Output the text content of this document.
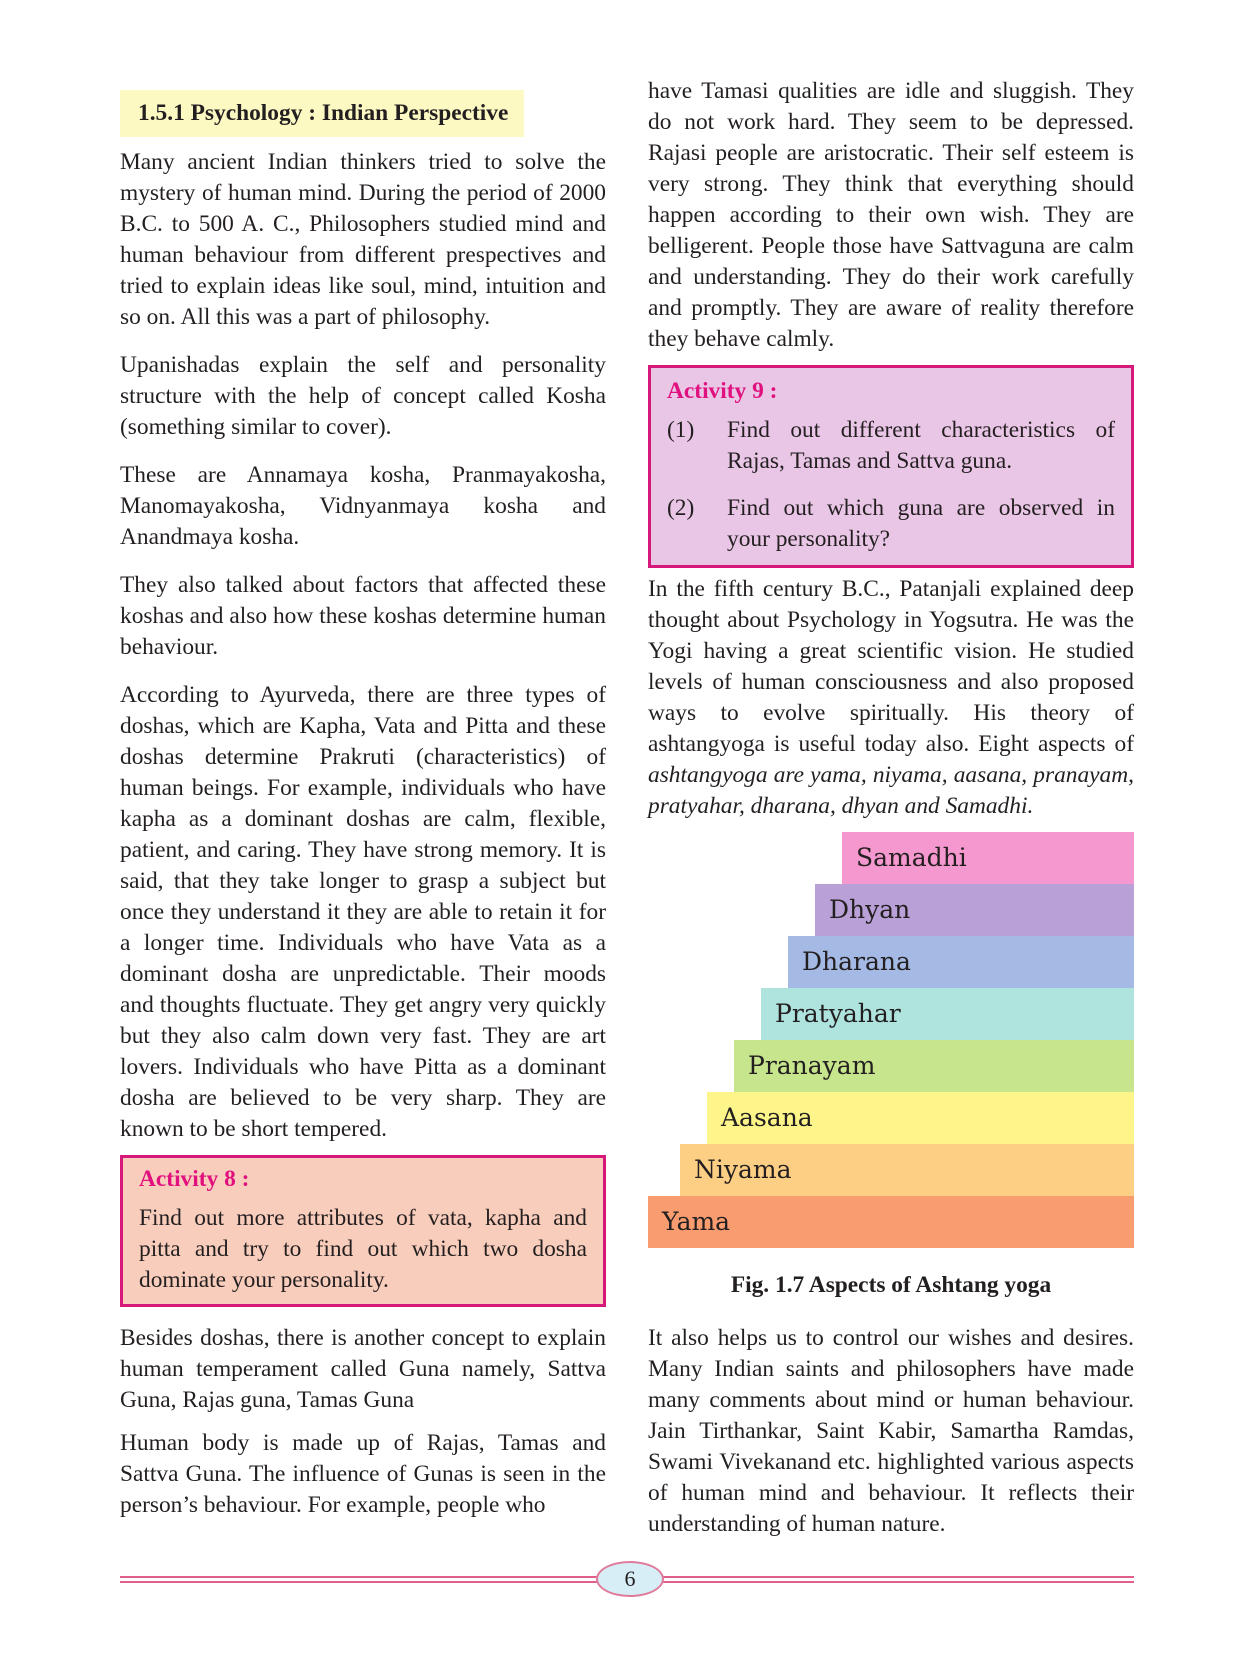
1.5.1 Psychology : Indian Perspective

Many ancient Indian thinkers tried to solve the mystery of human mind. During the period of 2000 B.C. to 500 A. C., Philosophers studied mind and human behaviour from different prespectives and tried to explain ideas like soul, mind, intuition and so on. All this was a part of philosophy.

Upanishadas explain the self and personality structure with the help of concept called Kosha (something similar to cover).

These are Annamaya kosha, Pranmayakosha, Manomayakosha, Vidnyanmaya kosha and Anandmaya kosha.

They also talked about factors that affected these koshas and also how these koshas determine human behaviour.

According to Ayurveda, there are three types of doshas, which are Kapha, Vata and Pitta and these doshas determine Prakruti (characteristics) of human beings. For example, individuals who have kapha as a dominant doshas are calm, flexible, patient, and caring. They have strong memory. It is said, that they take longer to grasp a subject but once they understand it they are able to retain it for a longer time. Individuals who have Vata as a dominant dosha are unpredictable. Their moods and thoughts fluctuate. They get angry very quickly but they also calm down very fast. They are art lovers. Individuals who have Pitta as a dominant dosha are believed to be very sharp. They are known to be short tempered.

Activity 8 :

Find out more attributes of vata, kapha and pitta and try to find out which two dosha dominate your personality.

Besides doshas, there is another concept to explain human temperament called Guna namely, Sattva Guna, Rajas guna, Tamas Guna

Human body is made up of Rajas, Tamas and Sattva Guna. The influence of Gunas is seen in the person’s behaviour. For example, people who

have Tamasi qualities are idle and sluggish. They do not work hard. They seem to be depressed. Rajasi people are aristocratic. Their self esteem is very strong. They think that everything should happen according to their own wish. They are belligerent. People those have Sattvaguna are calm and understanding. They do their work carefully and promptly. They are aware of reality therefore they behave calmly.

Activity 9 :
(1)	Find out different characteristics of Rajas, Tamas and Sattva guna.
(2)	Find out which guna are observed in your personality?

In the fifth century B.C., Patanjali explained deep thought about Psychology in Yogsutra. He was the Yogi having a great scientific vision. He studied levels of human consciousness and also proposed ways to evolve spiritually. His theory of ashtangyoga is useful today also. Eight aspects of ashtangyoga are yama, niyama, aasana, pranayam, pratyahar, dharana, dhyan and Samadhi.

Samadhi
Dhyan
Dharana
Pratyahar
Pranayam
Aasana
Niyama
Yama
Fig. 1.7 Aspects of Ashtang yoga

It also helps us to control our wishes and desires. Many Indian saints and philosophers have made many comments about mind or human behaviour. Jain Tirthankar, Saint Kabir, Samartha Ramdas, Swami Vivekanand etc. highlighted various aspects of human mind and behaviour. It reflects their understanding of human nature.

6
